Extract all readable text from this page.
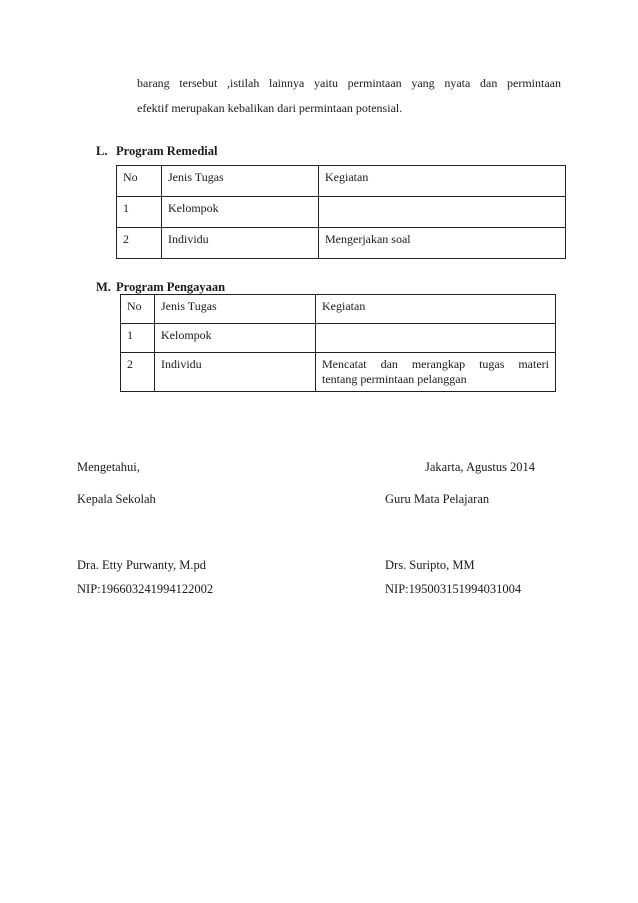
barang tersebut ,istilah lainnya yaitu permintaan yang nyata dan permintaan

efektif merupakan kebalikan dari permintaan potensial.

L. Program Remedial

No	Jenis Tugas	Kegiatan
1	Kelompok	
2	Individu	Mengerjakan soal

M. Program Pengayaan

No	Jenis Tugas	Kegiatan
1	Kelompok	
2	Individu	Mencatat dan merangkap tugas materi
tentang permintaan pelanggan

Mengetahui,	Jakarta, Agustus 2014

Kepala Sekolah	Guru Mata Pelajaran

Dra. Etty Purwanty, M.pd	Drs. Suripto, MM

NIP:196603241994122002	NIP:195003151994031004
